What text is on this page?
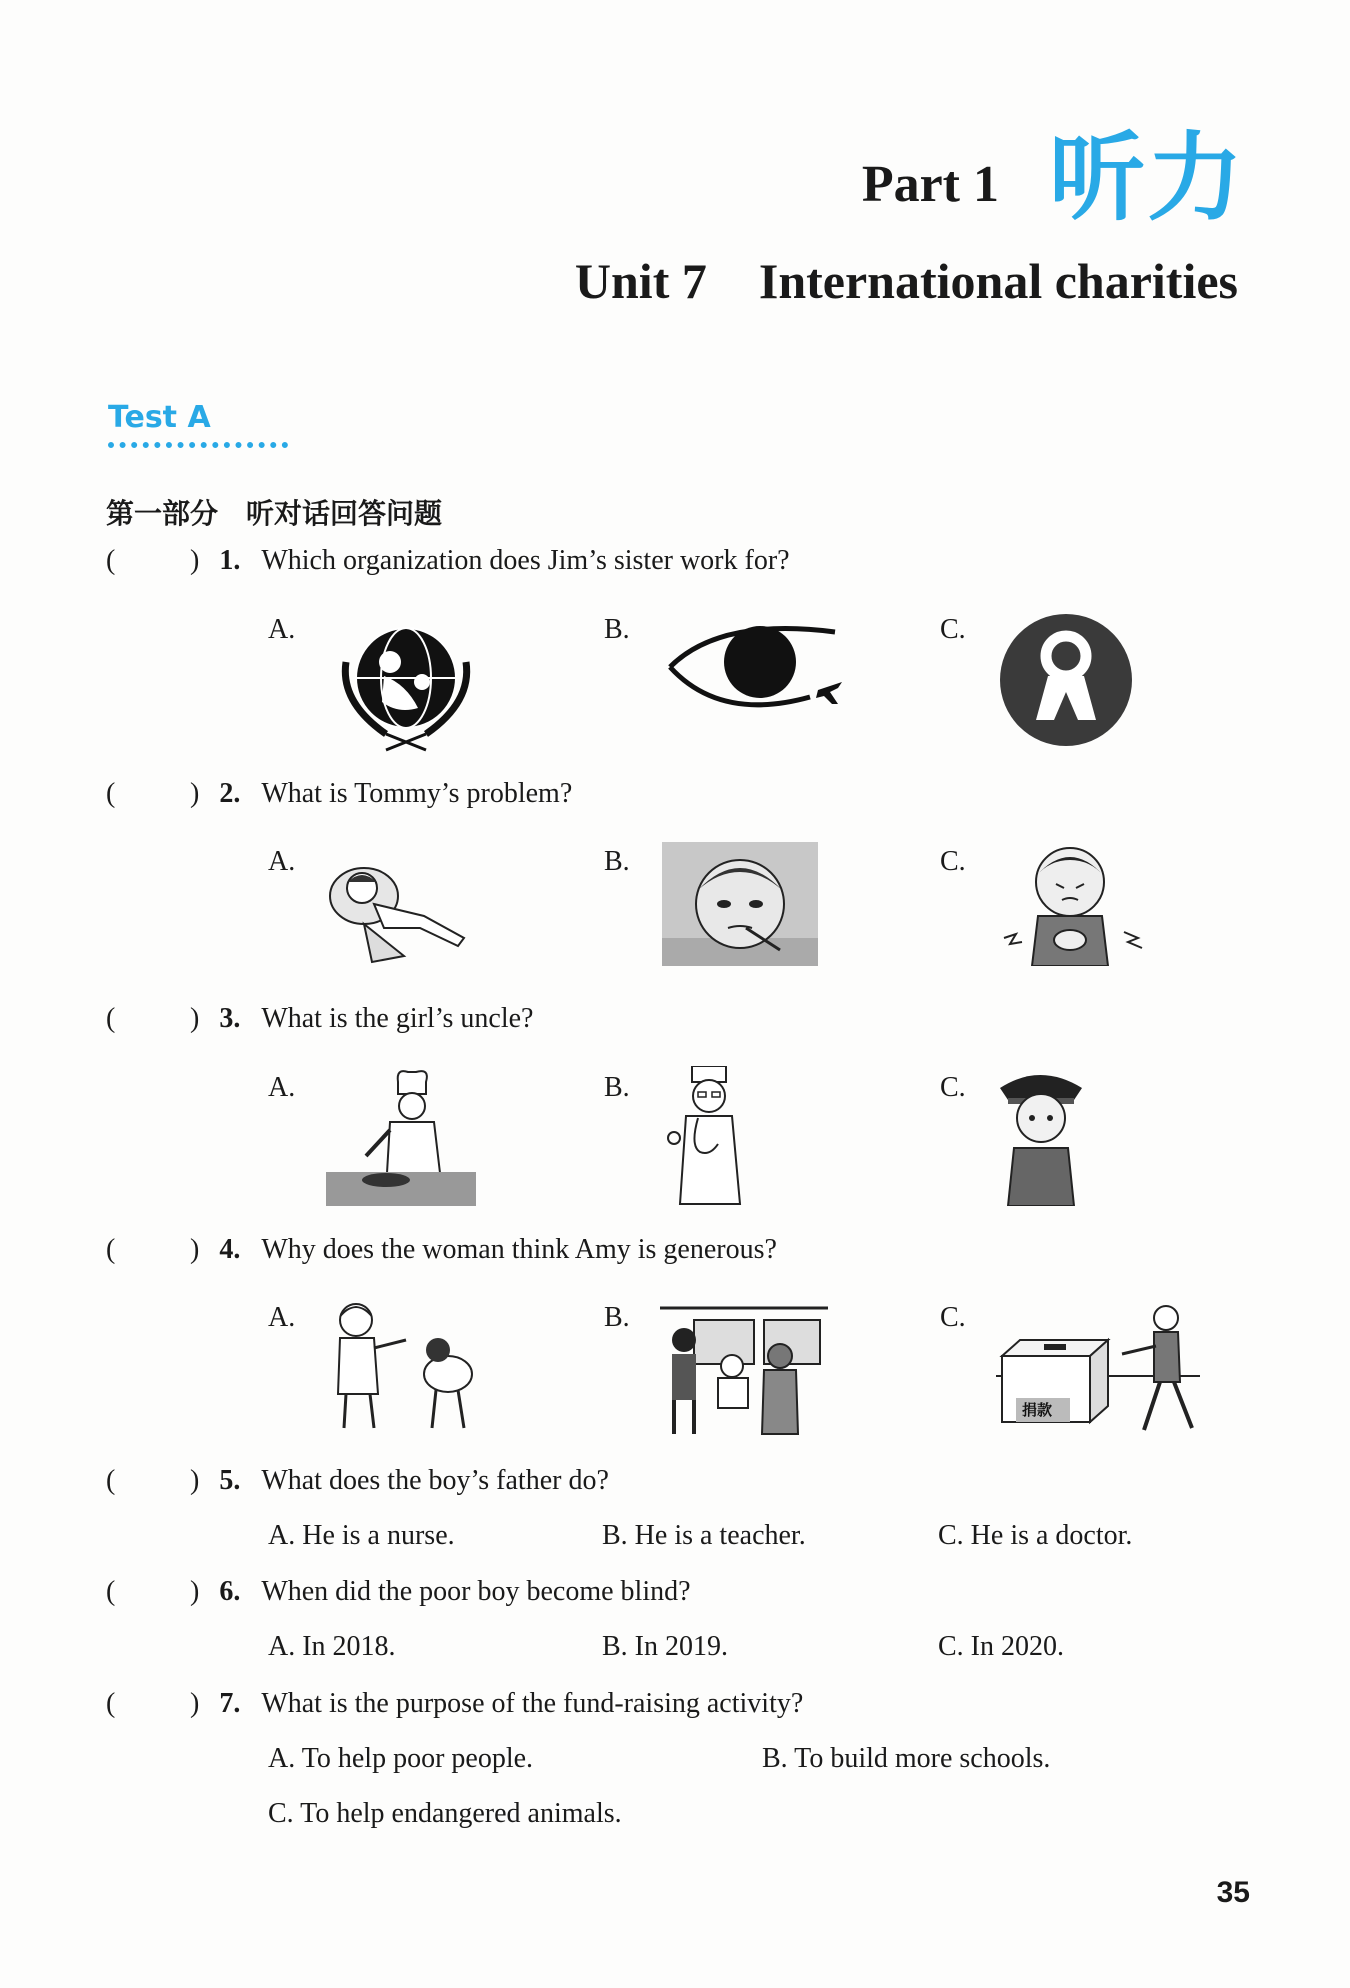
Part 1 听力
Unit 7 International charities
Test A
第一部分　听对话回答问题
(	) 1. Which organization does Jim’s sister work for?
A.	B.	C.
(	) 2. What is Tommy’s problem?
A.	B.	C.
(	) 3. What is the girl’s uncle?
A.	B.	C.
(	) 4. Why does the woman think Amy is generous?
A.	B.	C.
捐款
(	) 5. What does the boy’s father do?
A. He is a nurse.	B. He is a teacher.	C. He is a doctor.
(	) 6. When did the poor boy become blind?
A. In 2018.	B. In 2019.	C. In 2020.
(	) 7. What is the purpose of the fund-raising activity?
A. To help poor people.	B. To build more schools.
C. To help endangered animals.
35
